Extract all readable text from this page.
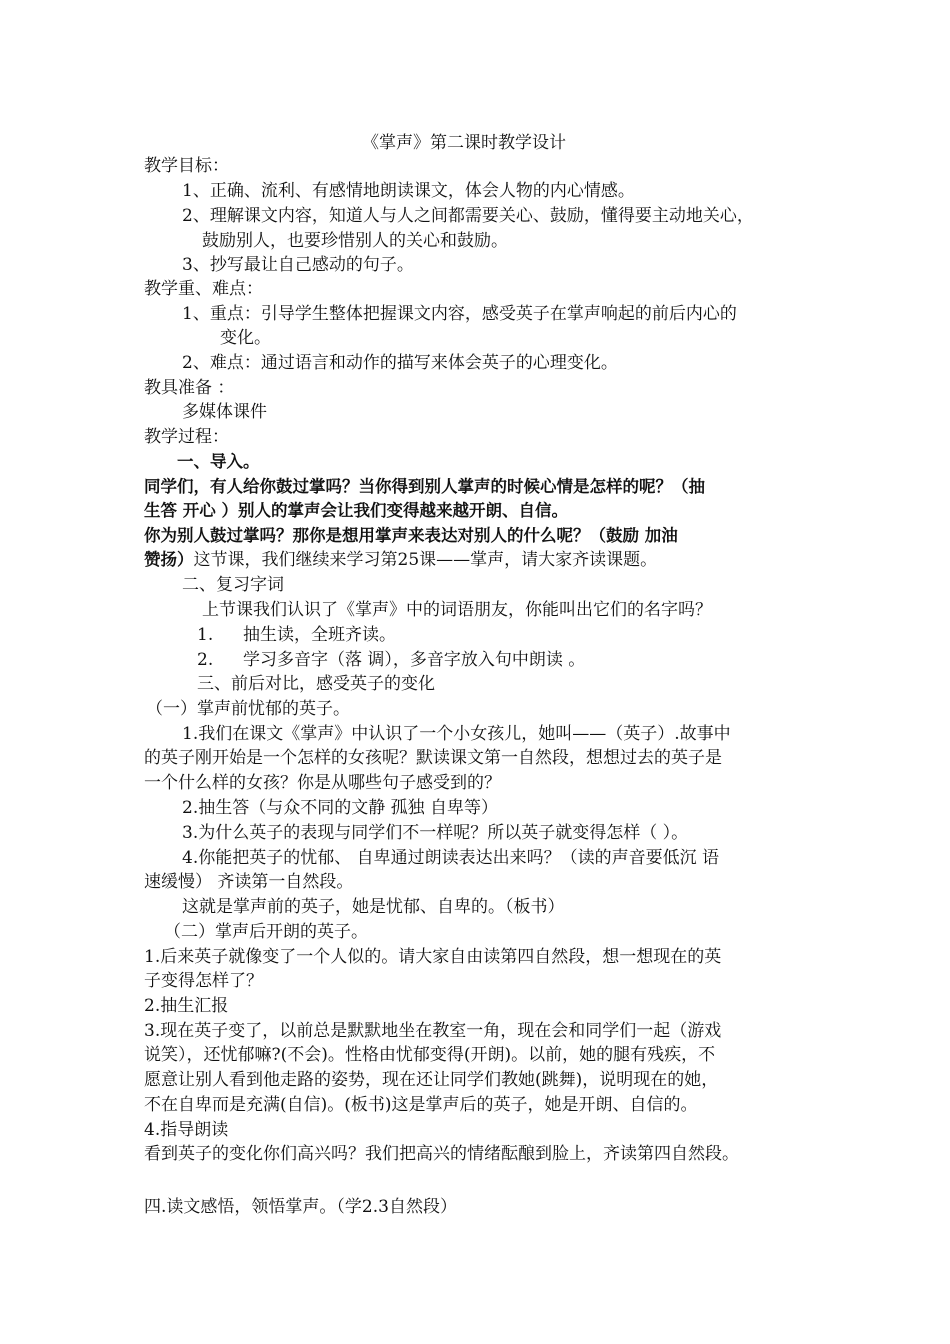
《掌声》第二课时教学设计
教学目标：
1、正确、流利、有感情地朗读课文，体会人物的内心情感。
2、理解课文内容，知道人与人之间都需要关心、鼓励，懂得要主动地关心，
鼓励别人，也要珍惜别人的关心和鼓励。
3、抄写最让自己感动的句子。
教学重、难点：
1、重点：引导学生整体把握课文内容，感受英子在掌声响起的前后内心的
变化。
2、难点：通过语言和动作的描写来体会英子的心理变化。
教具准备 ：
多媒体课件
教学过程：
一、导入。
同学们，有人给你鼓过掌吗？当你得到别人掌声的时候心情是怎样的呢？（抽
生答 开心 ）别人的掌声会让我们变得越来越开朗、自信。
你为别人鼓过掌吗？那你是想用掌声来表达对别人的什么呢？（鼓励 加油
赞扬）这节课，我们继续来学习第25课——掌声，请大家齐读课题。
二、复习字词
上节课我们认识了《掌声》中的词语朋友，你能叫出它们的名字吗？
1. 抽生读，全班齐读。
2. 学习多音字（落 调），多音字放入句中朗读 。
三、前后对比，感受英子的变化
（一）掌声前忧郁的英子。
1.我们在课文《掌声》中认识了一个小女孩儿，她叫——（英子）.故事中
的英子刚开始是一个怎样的女孩呢？默读课文第一自然段，想想过去的英子是
一个什么样的女孩？你是从哪些句子感受到的？
2.抽生答（与众不同的文静 孤独 自卑等）
3.为什么英子的表现与同学们不一样呢？所以英子就变得怎样（ ）。
4.你能把英子的忧郁、 自卑通过朗读表达出来吗？（读的声音要低沉 语
速缓慢） 齐读第一自然段。
这就是掌声前的英子，她是忧郁、自卑的。（板书）
（二）掌声后开朗的英子。
1.后来英子就像变了一个人似的。请大家自由读第四自然段，想一想现在的英
子变得怎样了？
2.抽生汇报
3.现在英子变了，以前总是默默地坐在教室一角，现在会和同学们一起（游戏
说笑），还忧郁嘛?(不会)。性格由忧郁变得(开朗)。以前，她的腿有残疾，不
愿意让别人看到他走路的姿势，现在还让同学们教她(跳舞)，说明现在的她，
不在自卑而是充满(自信)。(板书)这是掌声后的英子，她是开朗、自信的。
4.指导朗读
看到英子的变化你们高兴吗？我们把高兴的情绪酝酿到脸上，齐读第四自然段。
四.读文感悟，领悟掌声。（学2.3自然段）
